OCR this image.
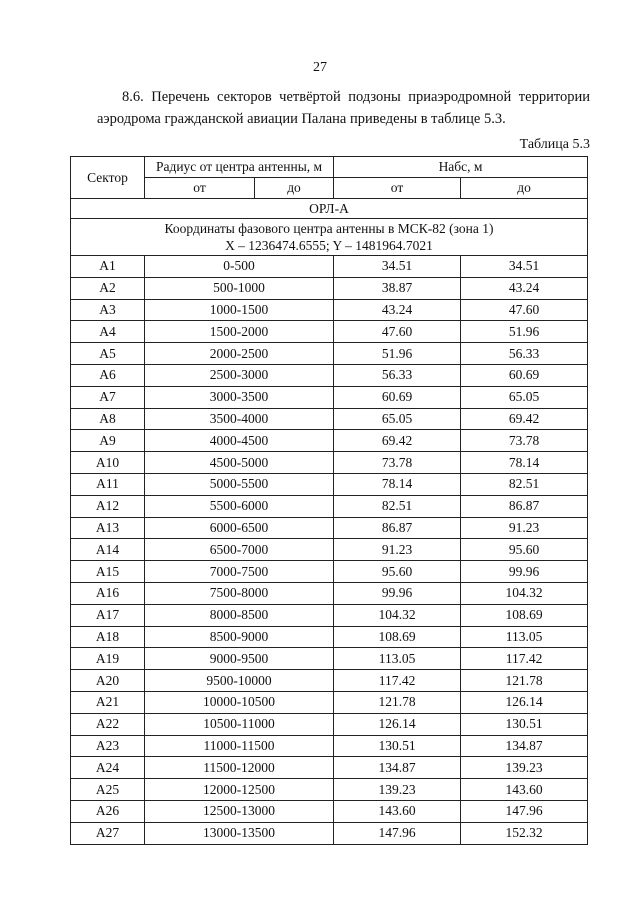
27
8.6. Перечень секторов четвёртой подзоны приаэродромной территории
аэродрома гражданской авиации Палана приведены в таблице 5.3.
Таблица 5.3
Сектор	Радиус от центра антенны, м		Набс, м	
	от	до	от	до
ОРЛ-А				

Координаты фазового центра антенны в МСК-82 (зона 1)
X – 1236474.6555; Y – 1481964.7021				

A1	0-500		34.51	34.51
A2	500-1000		38.87	43.24
A3	1000-1500		43.24	47.60
A4	1500-2000		47.60	51.96
A5	2000-2500		51.96	56.33
A6	2500-3000		56.33	60.69
A7	3000-3500		60.69	65.05
A8	3500-4000		65.05	69.42
A9	4000-4500		69.42	73.78
A10	4500-5000		73.78	78.14
A11	5000-5500		78.14	82.51
A12	5500-6000		82.51	86.87
A13	6000-6500		86.87	91.23
A14	6500-7000		91.23	95.60
A15	7000-7500		95.60	99.96
A16	7500-8000		99.96	104.32
A17	8000-8500		104.32	108.69
A18	8500-9000		108.69	113.05
A19	9000-9500		113.05	117.42
A20	9500-10000		117.42	121.78
A21	10000-10500		121.78	126.14
A22	10500-11000		126.14	130.51
A23	11000-11500		130.51	134.87
A24	11500-12000		134.87	139.23
A25	12000-12500		139.23	143.60
A26	12500-13000		143.60	147.96
A27	13000-13500		147.96	152.32
